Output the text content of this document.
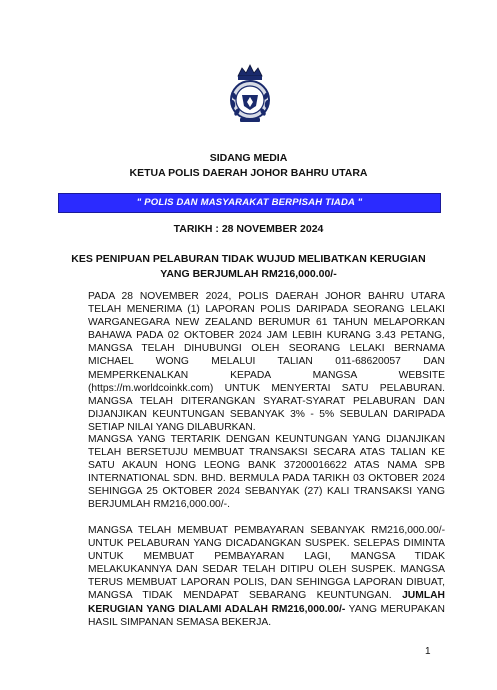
SIDANG MEDIA
KETUA POLIS DAERAH JOHOR BAHRU UTARA
" POLIS DAN MASYARAKAT BERPISAH TIADA "
TARIKH : 28 NOVEMBER 2024
KES PENIPUAN PELABURAN TIDAK WUJUD MELIBATKAN KERUGIAN YANG BERJUMLAH RM216,000.00/-
PADA 28 NOVEMBER 2024, POLIS DAERAH JOHOR BAHRU UTARA TELAH MENERIMA (1) LAPORAN POLIS DARIPADA SEORANG LELAKI WARGANEGARA NEW ZEALAND BERUMUR 61 TAHUN MELAPORKAN BAHAWA PADA 02 OKTOBER 2024 JAM LEBIH KURANG 3.43 PETANG, MANGSA TELAH DIHUBUNGI OLEH SEORANG LELAKI BERNAMA MICHAEL WONG MELALUI TALIAN 011-68620057 DAN MEMPERKENALKAN KEPADA MANGSA WEBSITE (https://m.worldcoinkk.com) UNTUK MENYERTAI SATU PELABURAN. MANGSA TELAH DITERANGKAN SYARAT-SYARAT PELABURAN DAN DIJANJIKAN KEUNTUNGAN SEBANYAK 3% - 5% SEBULAN DARIPADA SETIAP NILAI YANG DILABURKAN.
MANGSA YANG TERTARIK DENGAN KEUNTUNGAN YANG DIJANJIKAN TELAH BERSETUJU MEMBUAT TRANSAKSI SECARA ATAS TALIAN KE SATU AKAUN HONG LEONG BANK 37200016622 ATAS NAMA SPB INTERNATIONAL SDN. BHD. BERMULA PADA TARIKH 03 OKTOBER 2024 SEHINGGA 25 OKTOBER 2024 SEBANYAK (27) KALI TRANSAKSI YANG BERJUMLAH RM216,000.00/-.
MANGSA TELAH MEMBUAT PEMBAYARAN SEBANYAK RM216,000.00/- UNTUK PELABURAN YANG DICADANGKAN SUSPEK. SELEPAS DIMINTA UNTUK MEMBUAT PEMBAYARAN LAGI, MANGSA TIDAK MELAKUKANNYA DAN SEDAR TELAH DITIPU OLEH SUSPEK. MANGSA TERUS MEMBUAT LAPORAN POLIS, DAN SEHINGGA LAPORAN DIBUAT, MANGSA TIDAK MENDAPAT SEBARANG KEUNTUNGAN. JUMLAH KERUGIAN YANG DIALAMI ADALAH RM216,000.00/- YANG MERUPAKAN HASIL SIMPANAN SEMASA BEKERJA.
1
